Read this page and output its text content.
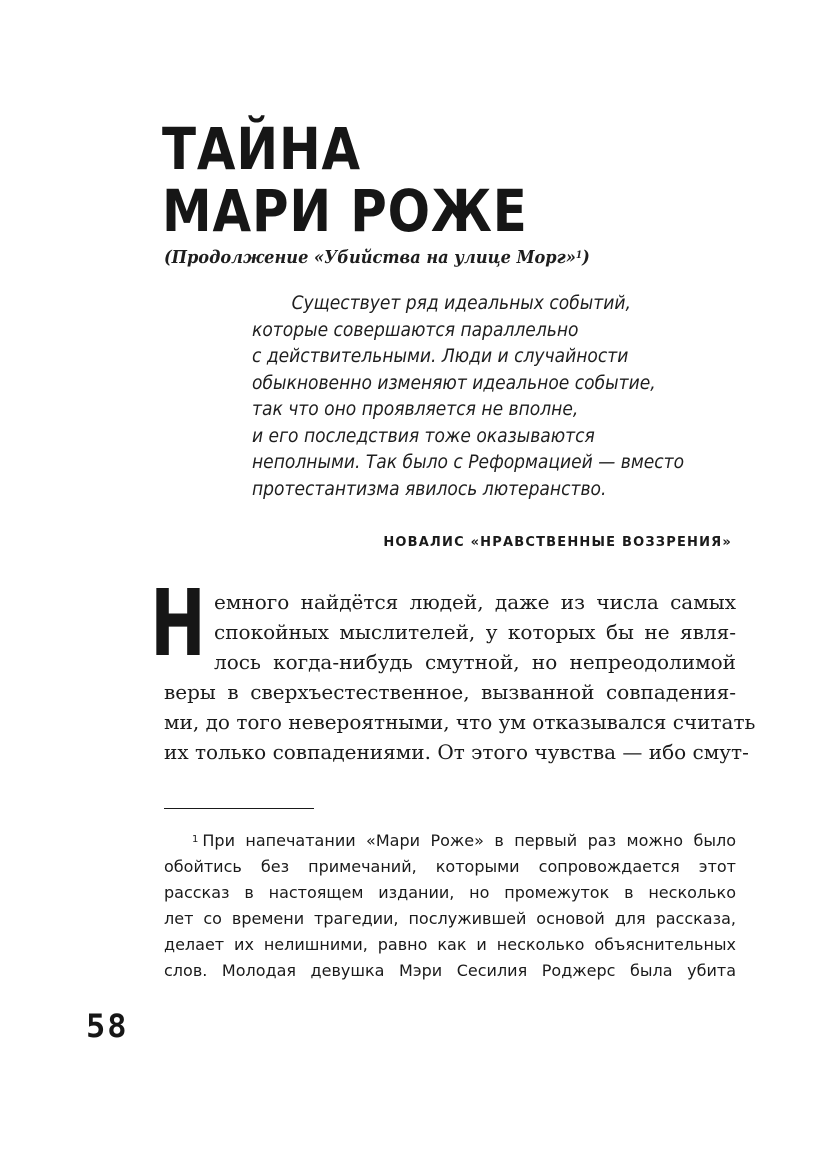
ТАЙНА
МАРИ РОЖЕ
(Продолжение «Убийства на улице Морг»$^1$)
Существует ряд идеальных событий,
которые совершаются параллельно
с действительными. Люди и случайности
обыкновенно изменяют идеальное событие,
так что оно проявляется не вполне,
и его последствия тоже оказываются
неполными. Так было с Реформацией — вместо
протестантизма явилось лютеранство.
НОВАЛИС «НРАВСТВЕННЫЕ ВОЗЗРЕНИЯ»
Н емного найдётся людей, даже из числа самых
спокойных мыслителей, у которых бы не явля-
лось когда-нибудь смутной, но непреодолимой
веры в сверхъестественное, вызванной совпадения-
ми, до того невероятными, что ум отказывался считать
их только совпадениями. От этого чувства — ибо смут-
$^1$ При напечатании «Мари Роже» в первый раз можно было
обойтись без примечаний, которыми сопровождается этот
рассказ в настоящем издании, но промежуток в несколько
лет со времени трагедии, послужившей основой для рассказа,
делает их нелишними, равно как и несколько объяснительных
слов. Молодая девушка Мэри Сесилия Роджерс была убита
58
